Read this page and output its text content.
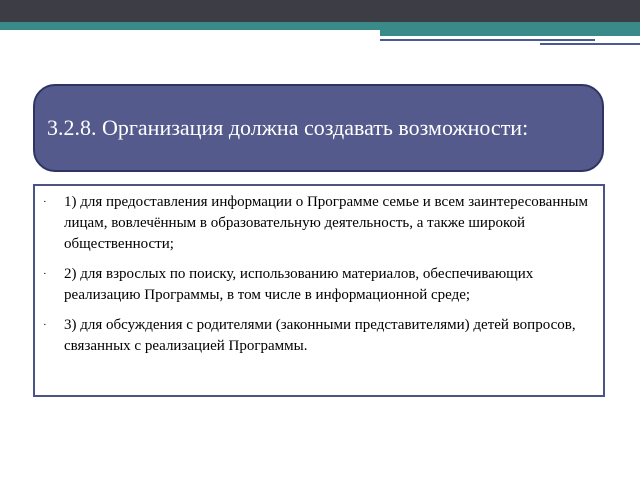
3.2.8. Организация должна создавать возможности:
· 1) для предоставления информации о Программе семье и всем заинтересованным лицам, вовлечённым в образовательную деятельность, а также широкой общественности;
· 2) для взрослых по поиску, использованию материалов, обеспечивающих реализацию Программы, в том числе в информационной среде;
· 3) для обсуждения с родителями (законными представителями) детей вопросов, связанных с реализацией Программы.
